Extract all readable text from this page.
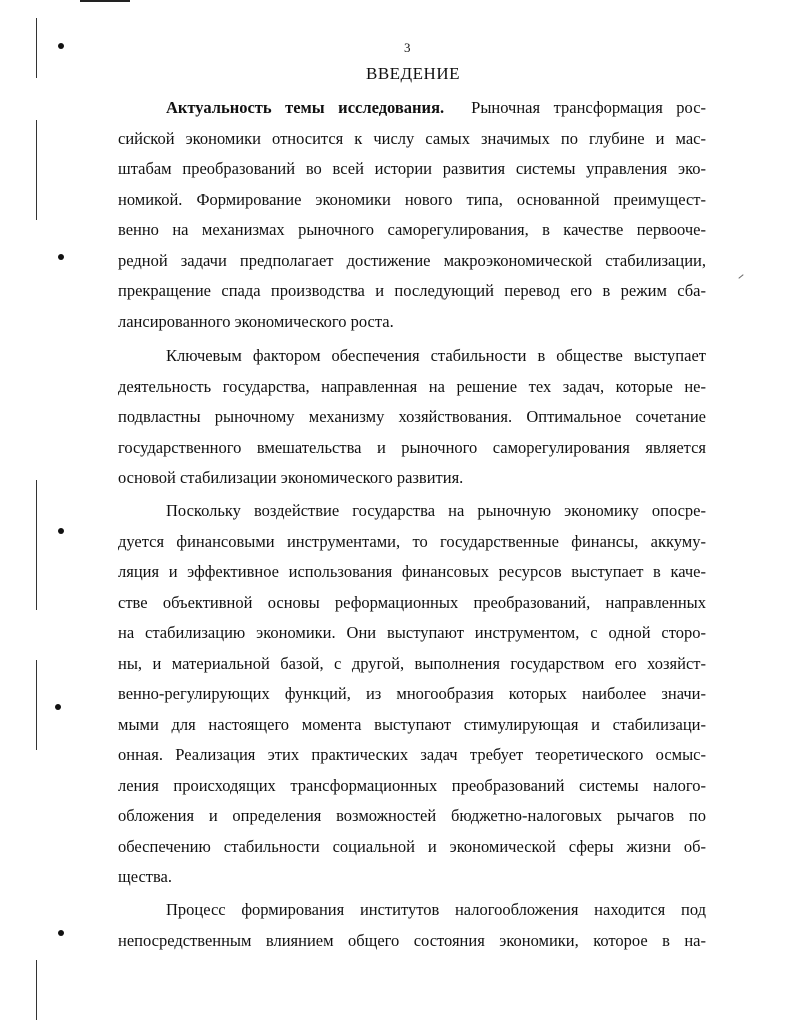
3
ВВЕДЕНИЕ
Актуальность темы исследования. Рыночная трансформация рос-
сийской экономики относится к числу самых значимых по глубине и мас-
штабам преобразований во всей истории развития системы управления эко-
номикой. Формирование экономики нового типа, основанной преимущест-
венно на механизмах рыночного саморегулирования, в качестве первооче-
редной задачи предполагает достижение макроэкономической стабилизации,
прекращение спада производства и последующий перевод его в режим сба-
лансированного экономического роста.
Ключевым фактором обеспечения стабильности в обществе выступает
деятельность государства, направленная на решение тех задач, которые не-
подвластны рыночному механизму хозяйствования. Оптимальное сочетание
государственного вмешательства и рыночного саморегулирования является
основой стабилизации экономического развития.
Поскольку воздействие государства на рыночную экономику опосре-
дуется финансовыми инструментами, то государственные финансы, аккуму-
ляция и эффективное использования финансовых ресурсов выступает в каче-
стве объективной основы реформационных преобразований, направленных
на стабилизацию экономики. Они выступают инструментом, с одной сторо-
ны, и материальной базой, с другой, выполнения государством его хозяйст-
венно-регулирующих функций, из многообразия которых наиболее значи-
мыми для настоящего момента выступают стимулирующая и стабилизаци-
онная. Реализация этих практических задач требует теоретического осмыс-
ления происходящих трансформационных преобразований системы налого-
обложения и определения возможностей бюджетно-налоговых рычагов по
обеспечению стабильности социальной и экономической сферы жизни об-
щества.
Процесс формирования институтов налогообложения находится под
непосредственным влиянием общего состояния экономики, которое в на-
